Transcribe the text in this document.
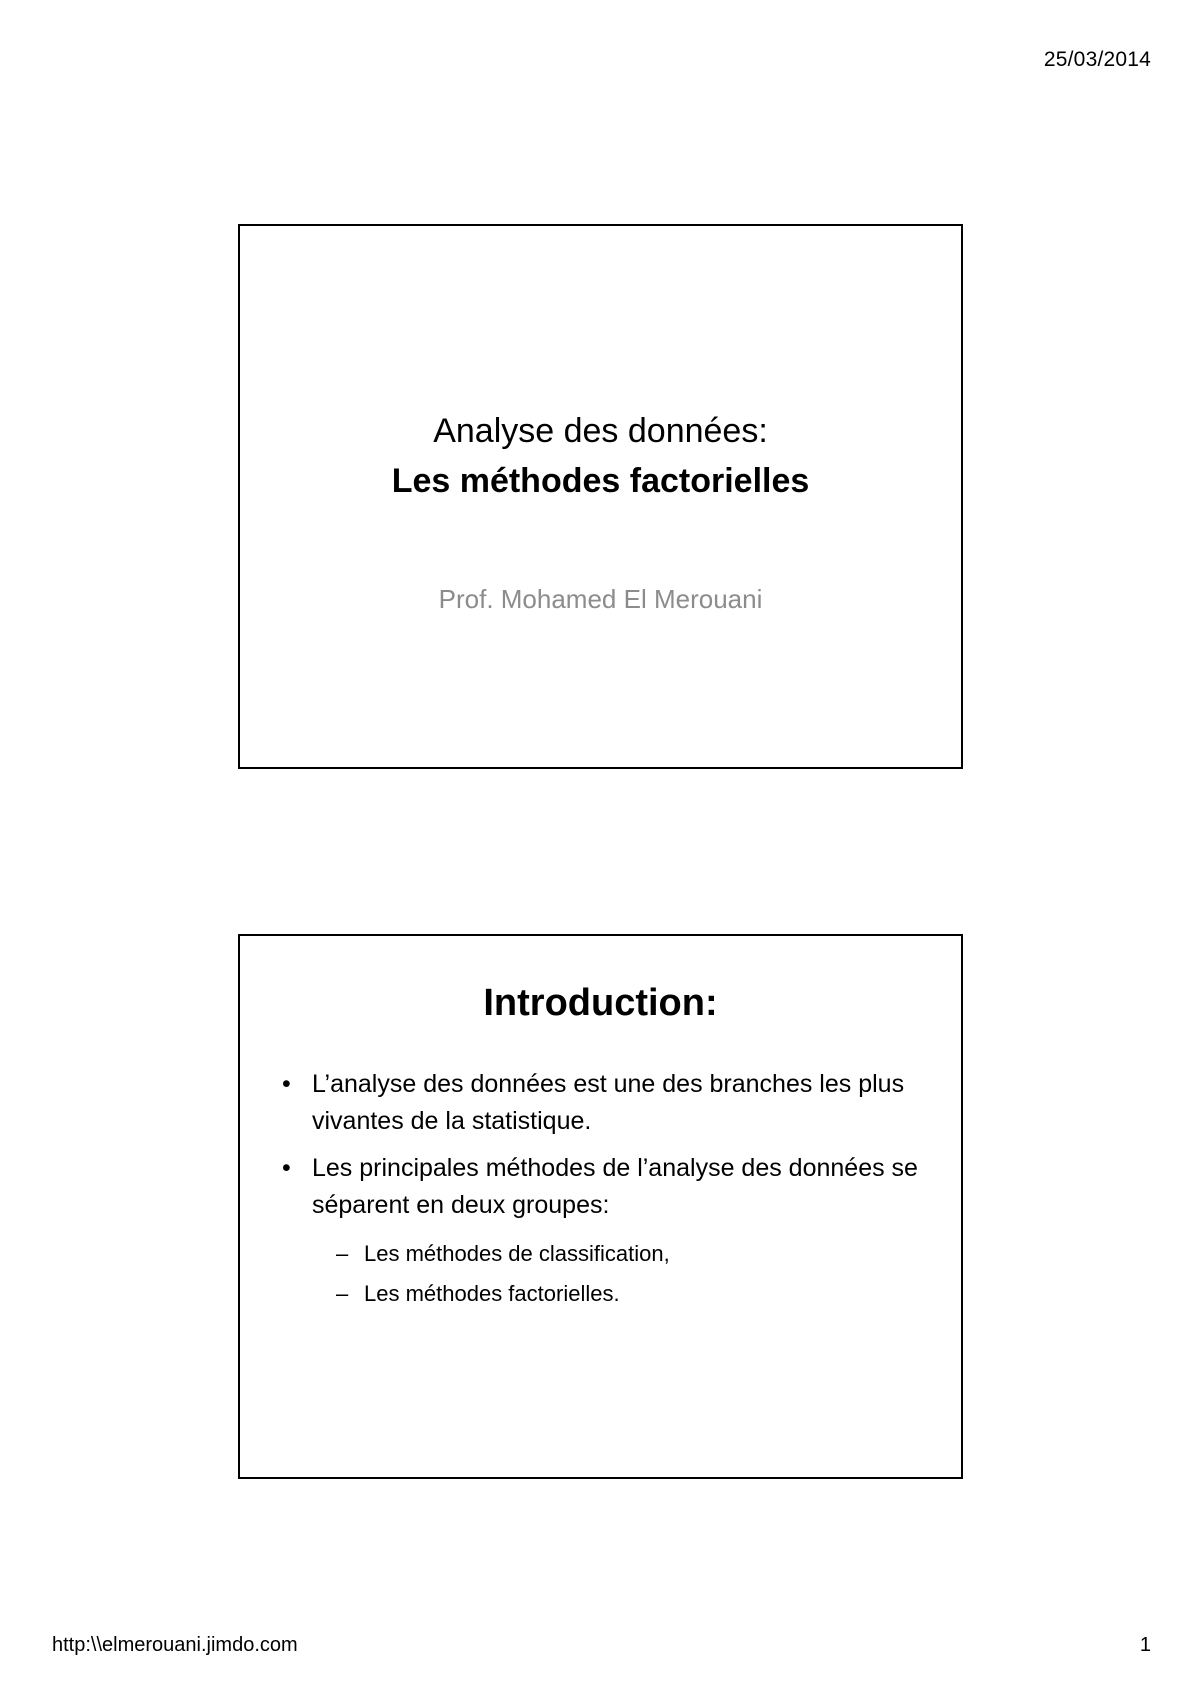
25/03/2014
Analyse des données:
Les méthodes factorielles
Prof. Mohamed El Merouani
Introduction:
• L’analyse des données est une des branches les plus vivantes de la statistique.
• Les principales méthodes de l’analyse des données se séparent en deux groupes:
– Les méthodes de classification,
– Les méthodes factorielles.
http:\\elmerouani.jimdo.com	1
